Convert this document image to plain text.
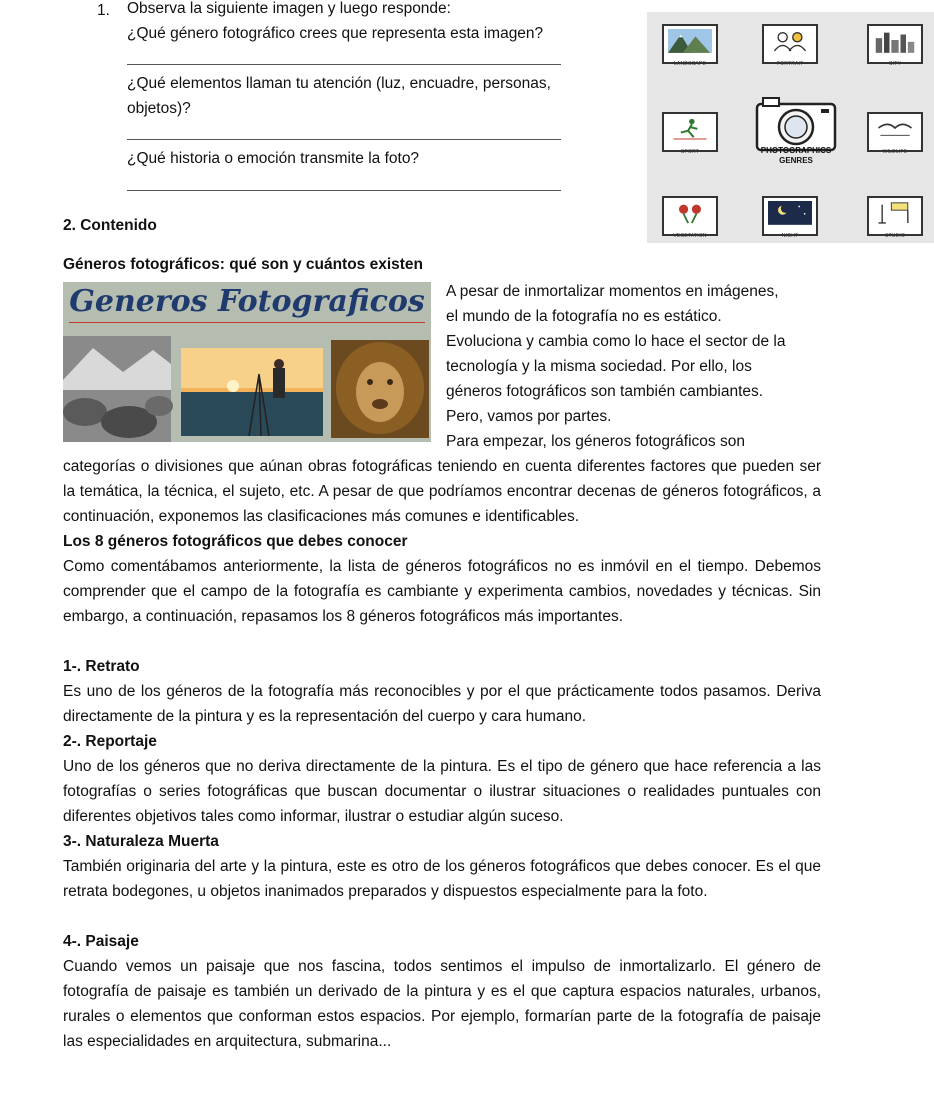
1. Observa la siguiente imagen y luego responde:
¿Qué género fotográfico crees que representa esta imagen?
¿Qué elementos llaman tu atención (luz, encuadre, personas,
objetos)?
¿Qué historia o emoción transmite la foto?
2. Contenido
LANDSCAPE	PORTRAIT	CITY
SPORT	PHOTOGRAPHICS
GENRES
WILDLIFE
VEGETATION	NIGHT	STUDIO
Géneros fotográficos: qué son y cuántos existen
Generos Fotograficos	A pesar de inmortalizar momentos en imágenes,
el mundo de la fotografía no es estático.
Evoluciona y cambia como lo hace el sector de la
tecnología y la misma sociedad. Por ello, los
géneros fotográficos son también cambiantes.
Pero, vamos por partes.
Para empezar, los géneros fotográficos son
categorías o divisiones que aúnan obras fotográficas teniendo en cuenta diferentes factores que pueden ser la temática, la técnica, el sujeto, etc. A pesar de que podríamos encontrar decenas de géneros fotográficos, a continuación, exponemos las clasificaciones más comunes e identificables.
Los 8 géneros fotográficos que debes conocer
Como comentábamos anteriormente, la lista de géneros fotográficos no es inmóvil en el tiempo. Debemos comprender que el campo de la fotografía es cambiante y experimenta cambios, novedades y técnicas. Sin embargo, a continuación, repasamos los 8 géneros fotográficos más importantes.
1-. Retrato
Es uno de los géneros de la fotografía más reconocibles y por el que prácticamente todos pasamos. Deriva directamente de la pintura y es la representación del cuerpo y cara humano.
2-. Reportaje
Uno de los géneros que no deriva directamente de la pintura. Es el tipo de género que hace referencia a las fotografías o series fotográficas que buscan documentar o ilustrar situaciones o realidades puntuales con diferentes objetivos tales como informar, ilustrar o estudiar algún suceso.
3-. Naturaleza Muerta
También originaria del arte y la pintura, este es otro de los géneros fotográficos que debes conocer. Es el que retrata bodegones, u objetos inanimados preparados y dispuestos especialmente para la foto.
4-. Paisaje
Cuando vemos un paisaje que nos fascina, todos sentimos el impulso de inmortalizarlo. El género de fotografía de paisaje es también un derivado de la pintura y es el que captura espacios naturales, urbanos, rurales o elementos que conforman estos espacios. Por ejemplo, formarían parte de la fotografía de paisaje las especialidades en arquitectura, submarina...
